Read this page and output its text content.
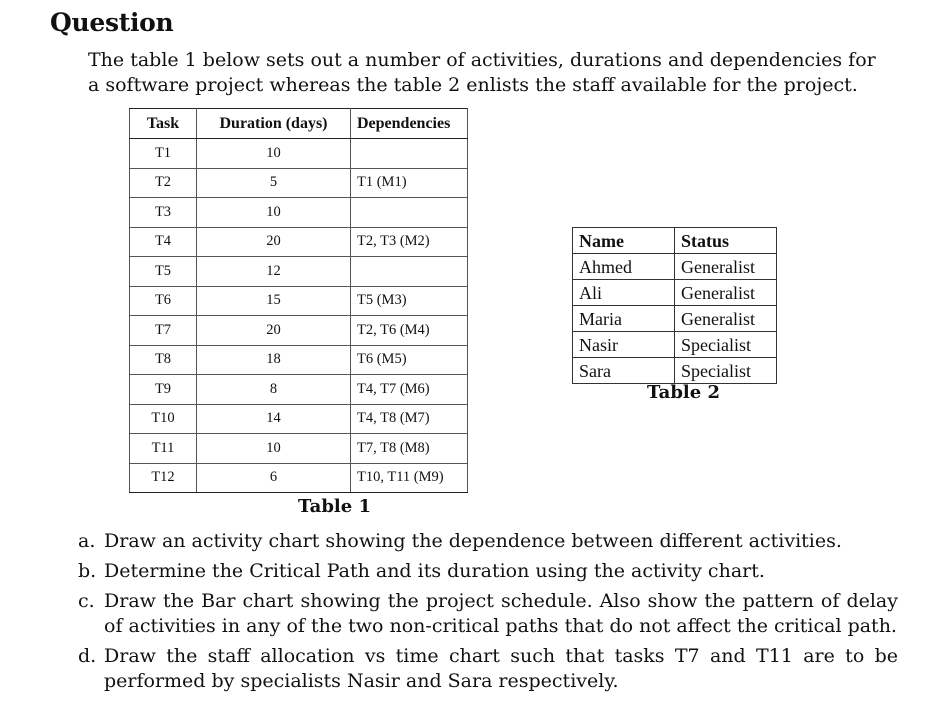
Question

The table 1 below sets out a number of activities, durations and dependencies for a software project whereas the table 2 enlists the staff available for the project.

Task	Duration (days)	Dependencies
T1	10	
T2	5	T1 (M1)
T3	10	
T4	20	T2, T3 (M2)
T5	12	
T6	15	T5 (M3)
T7	20	T2, T6 (M4)
T8	18	T6 (M5)
T9	8	T4, T7 (M6)
T10	14	T4, T8 (M7)
T11	10	T7, T8 (M8)
T12	6	T10, T11 (M9)
Table 1
Name	Status
Ahmed	Generalist
Ali	Generalist
Maria	Generalist
Nasir	Specialist
Sara	Specialist
Table 2
a. Draw an activity chart showing the dependence between different activities.
b. Determine the Critical Path and its duration using the activity chart.
c. Draw the Bar chart showing the project schedule. Also show the pattern of delay of activities in any of the two non-critical paths that do not affect the critical path.
d. Draw the staff allocation vs time chart such that tasks T7 and T11 are to be performed by specialists Nasir and Sara respectively.
